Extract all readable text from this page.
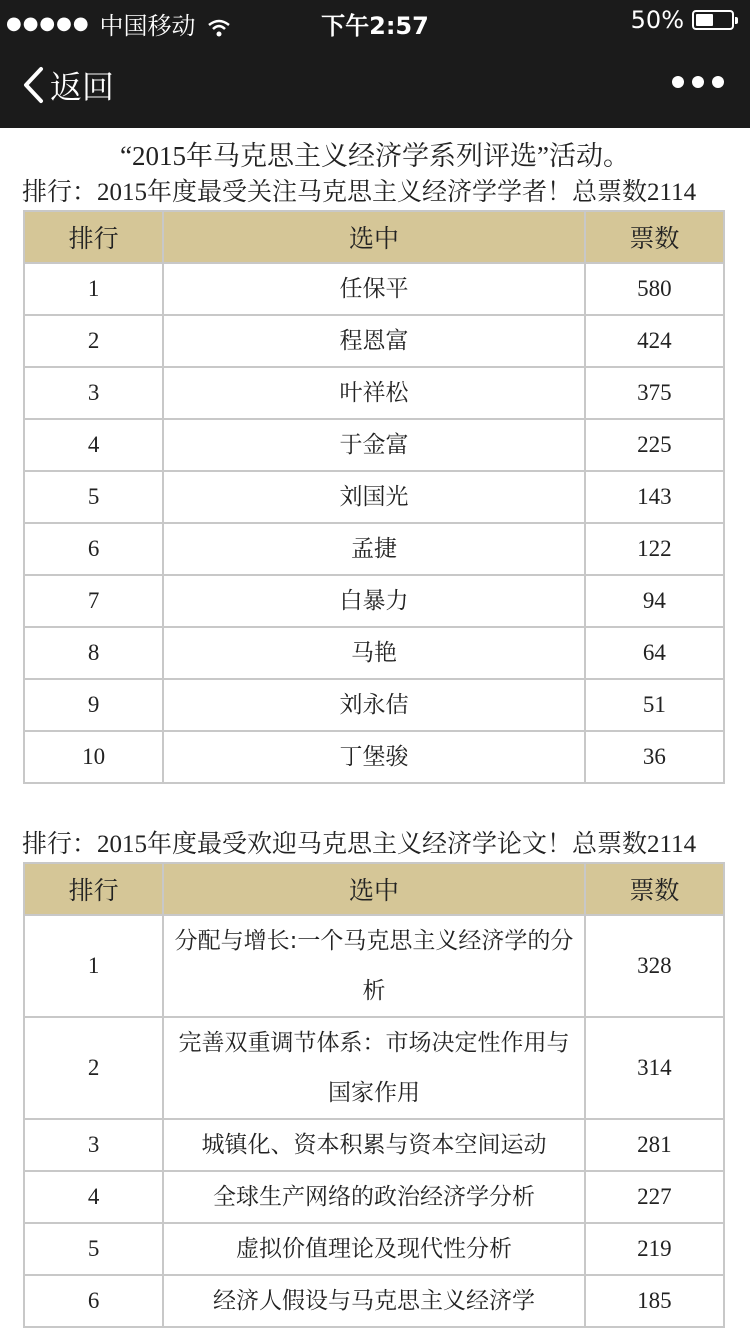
●●●●● 中国移动	下午2:57	50%
返回
“2015年马克思主义经济学系列评选”活动。
排行：2015年度最受关注马克思主义经济学学者！总票数2114
排行	选中	票数
1	任保平	580
2	程恩富	424
3	叶祥松	375
4	于金富	225
5	刘国光	143
6	孟捷	122
7	白暴力	94
8	马艳	64
9	刘永佶	51
10	丁堡骏	36
排行：2015年度最受欢迎马克思主义经济学论文！总票数2114
排行	选中	票数
1	分配与增长:一个马克思主义经济学的分析	328
2	完善双重调节体系：市场决定性作用与国家作用	314
3	城镇化、资本积累与资本空间运动	281
4	全球生产网络的政治经济学分析	227
5	虚拟价值理论及现代性分析	219
6	经济人假设与马克思主义经济学	185
